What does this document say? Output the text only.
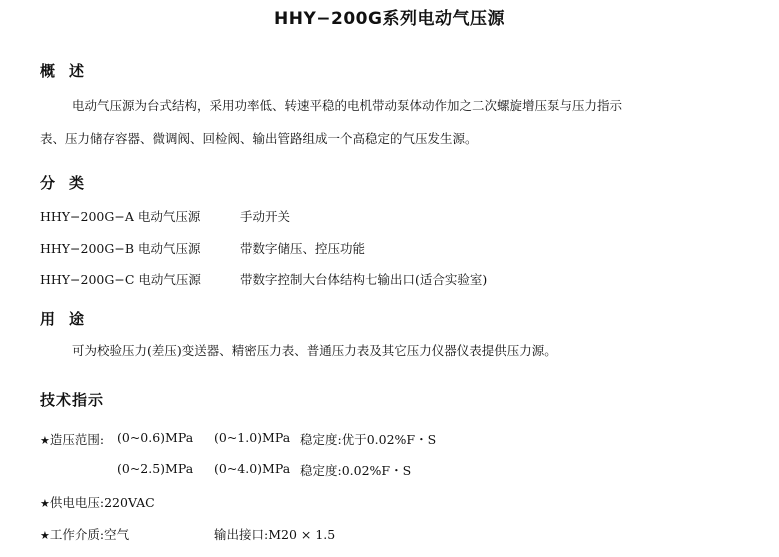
HHY−200G系列电动气压源
概述
电动气压源为台式结构，采用功率低、转速平稳的电机带动泵体动作加之二次螺旋增压泵与压力指示
表、压力储存容器、微调阀、回检阀、输出管路组成一个高稳定的气压发生源。
分类
HHY−200G−A 电动气压源	手动开关
HHY−200G−B 电动气压源	带数字储压、控压功能
HHY−200G−C 电动气压源	带数字控制大台体结构七输出口(适合实验室)
用途
可为校验压力(差压)变送器、精密压力表、普通压力表及其它压力仪器仪表提供压力源。
技术指示
★造压范围: (0~0.6)MPa (0~1.0)MPa 稳定度:优于0.02%F・S
(0~2.5)MPa (0~4.0)MPa 稳定度:0.02%F・S
★供电电压:220VAC
★工作介质:空气	输出接口:M20 × 1.5
